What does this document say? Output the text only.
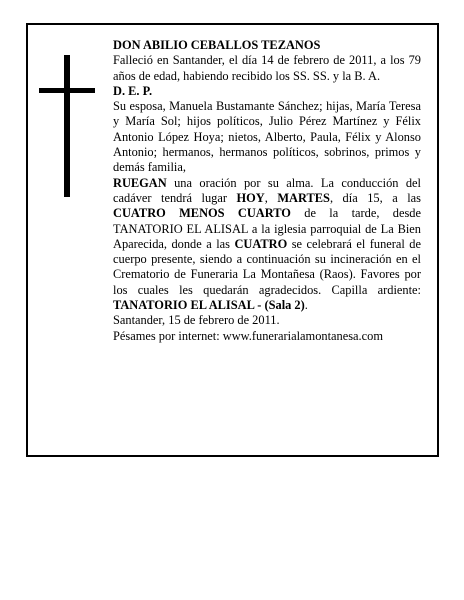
DON ABILIO CEBALLOS TEZANOS

Falleció en Santander, el día 14 de febrero de 2011, a los 79 años de edad, habiendo recibido los SS. SS. y la B. A.

D. E. P.

Su esposa, Manuela Bustamante Sánchez; hijas, María Teresa y María Sol; hijos políticos, Julio Pérez Martínez y Félix Antonio López Hoya; nietos, Alberto, Paula, Félix y Alonso Antonio; hermanos, hermanos políticos, sobrinos, primos y demás familia,

RUEGAN una oración por su alma. La conducción del cadáver tendrá lugar HOY, MARTES, día 15, a las CUATRO MENOS CUARTO de la tarde, desde TANATORIO EL ALISAL a la iglesia parroquial de La Bien Aparecida, donde a las CUATRO se celebrará el funeral de cuerpo presente, siendo a continuación su incineración en el Crematorio de Funeraria La Montañesa (Raos). Favores por los cuales les quedarán agradecidos. Capilla ardiente: TANATORIO EL ALISAL - (Sala 2).

Santander, 15 de febrero de 2011.

Pésames por internet: www.funerarialamontanesa.com
